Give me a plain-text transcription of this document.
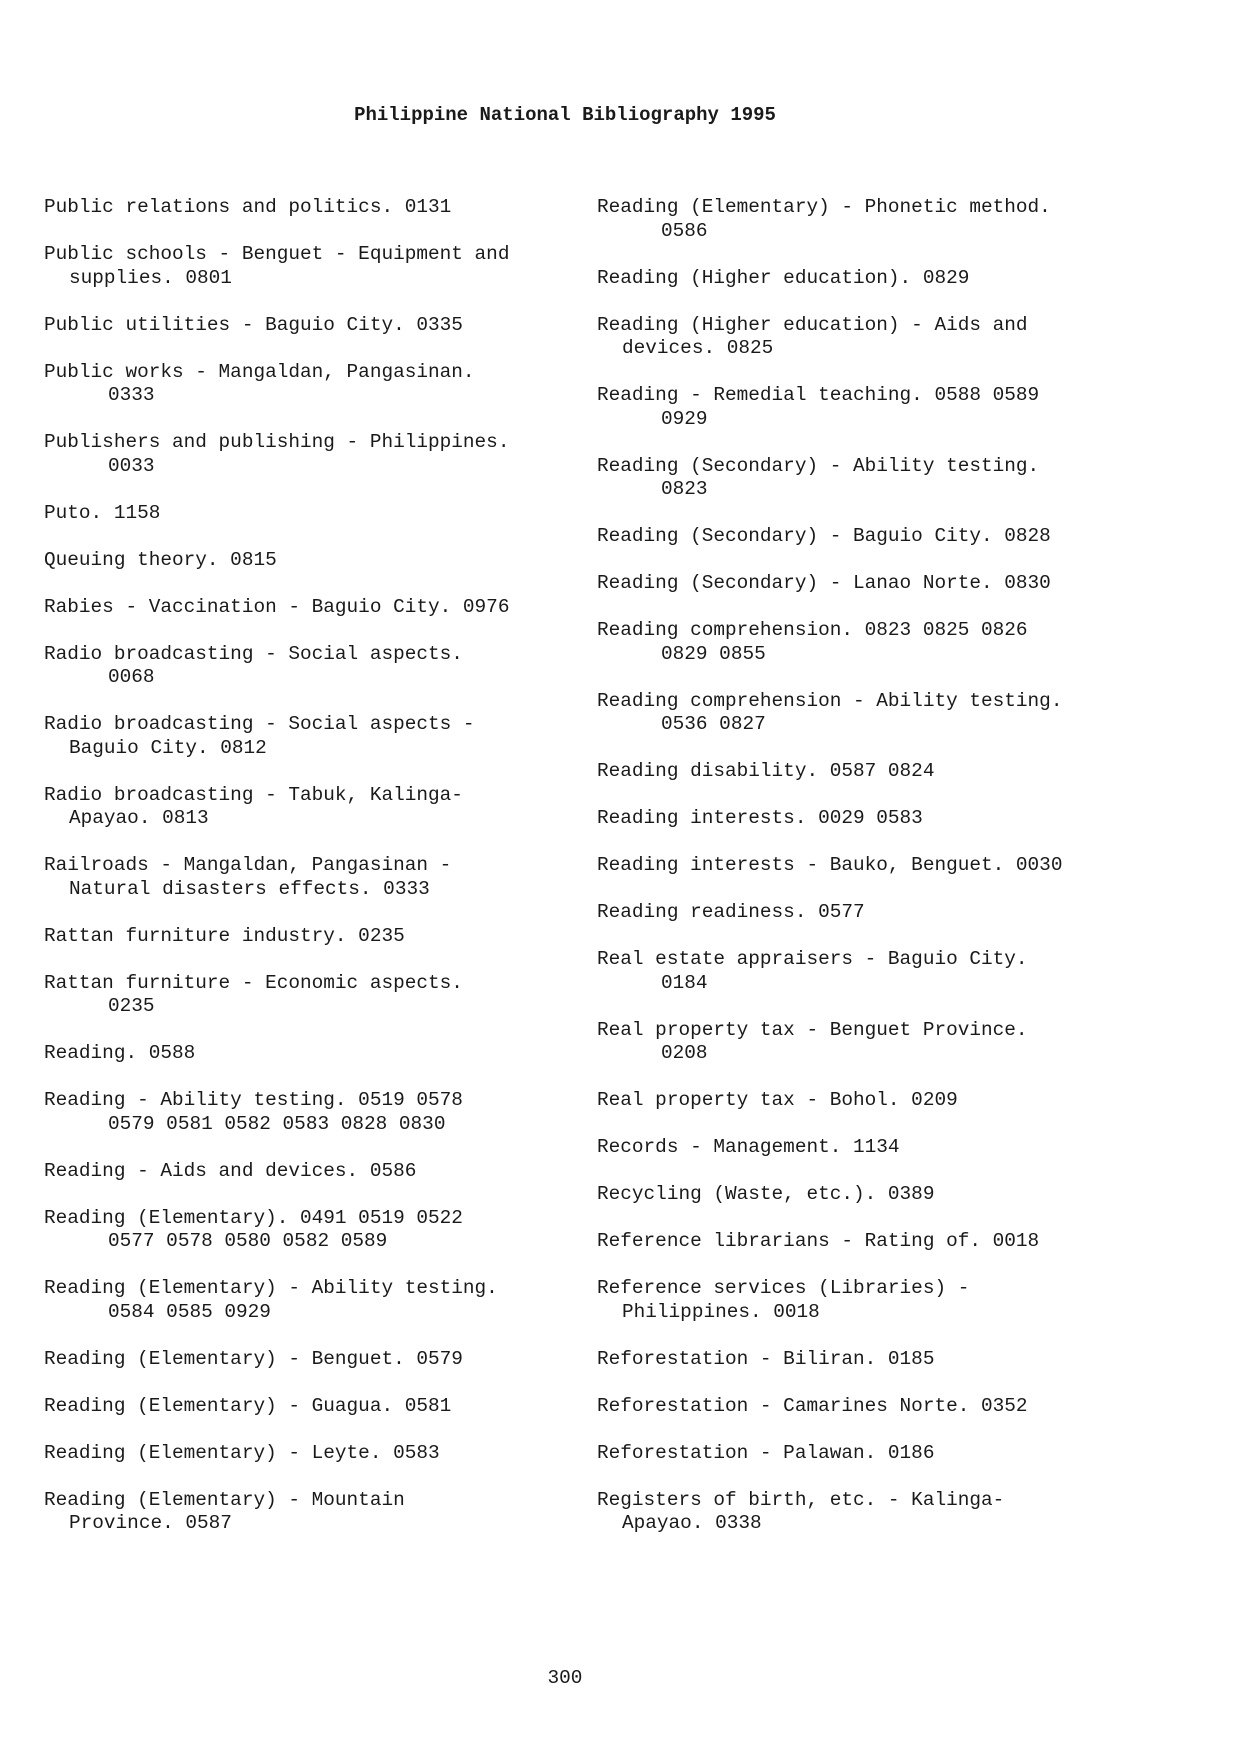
Philippine National Bibliography 1995
Public relations and politics. 0131
Public schools - Benguet - Equipment and
supplies. 0801
Public utilities - Baguio City. 0335
Public works - Mangaldan, Pangasinan.
0333
Publishers and publishing - Philippines.
0033
Puto. 1158
Queuing theory. 0815
Rabies - Vaccination - Baguio City. 0976
Radio broadcasting - Social aspects.
0068
Radio broadcasting - Social aspects -
Baguio City. 0812
Radio broadcasting - Tabuk, Kalinga-
Apayao. 0813
Railroads - Mangaldan, Pangasinan -
Natural disasters effects. 0333
Rattan furniture industry. 0235
Rattan furniture - Economic aspects.
0235
Reading. 0588
Reading - Ability testing. 0519 0578
0579 0581 0582 0583 0828 0830
Reading - Aids and devices. 0586
Reading (Elementary). 0491 0519 0522
0577 0578 0580 0582 0589
Reading (Elementary) - Ability testing.
0584 0585 0929
Reading (Elementary) - Benguet. 0579
Reading (Elementary) - Guagua. 0581
Reading (Elementary) - Leyte. 0583
Reading (Elementary) - Mountain
Province. 0587
Reading (Elementary) - Phonetic method.
0586
Reading (Higher education). 0829
Reading (Higher education) - Aids and
devices. 0825
Reading - Remedial teaching. 0588 0589
0929
Reading (Secondary) - Ability testing.
0823
Reading (Secondary) - Baguio City. 0828
Reading (Secondary) - Lanao Norte. 0830
Reading comprehension. 0823 0825 0826
0829 0855
Reading comprehension - Ability testing.
0536 0827
Reading disability. 0587 0824
Reading interests. 0029 0583
Reading interests - Bauko, Benguet. 0030
Reading readiness. 0577
Real estate appraisers - Baguio City.
0184
Real property tax - Benguet Province.
0208
Real property tax - Bohol. 0209
Records - Management. 1134
Recycling (Waste, etc.). 0389
Reference librarians - Rating of. 0018
Reference services (Libraries) -
Philippines. 0018
Reforestation - Biliran. 0185
Reforestation - Camarines Norte. 0352
Reforestation - Palawan. 0186
Registers of birth, etc. - Kalinga-
Apayao. 0338
300
